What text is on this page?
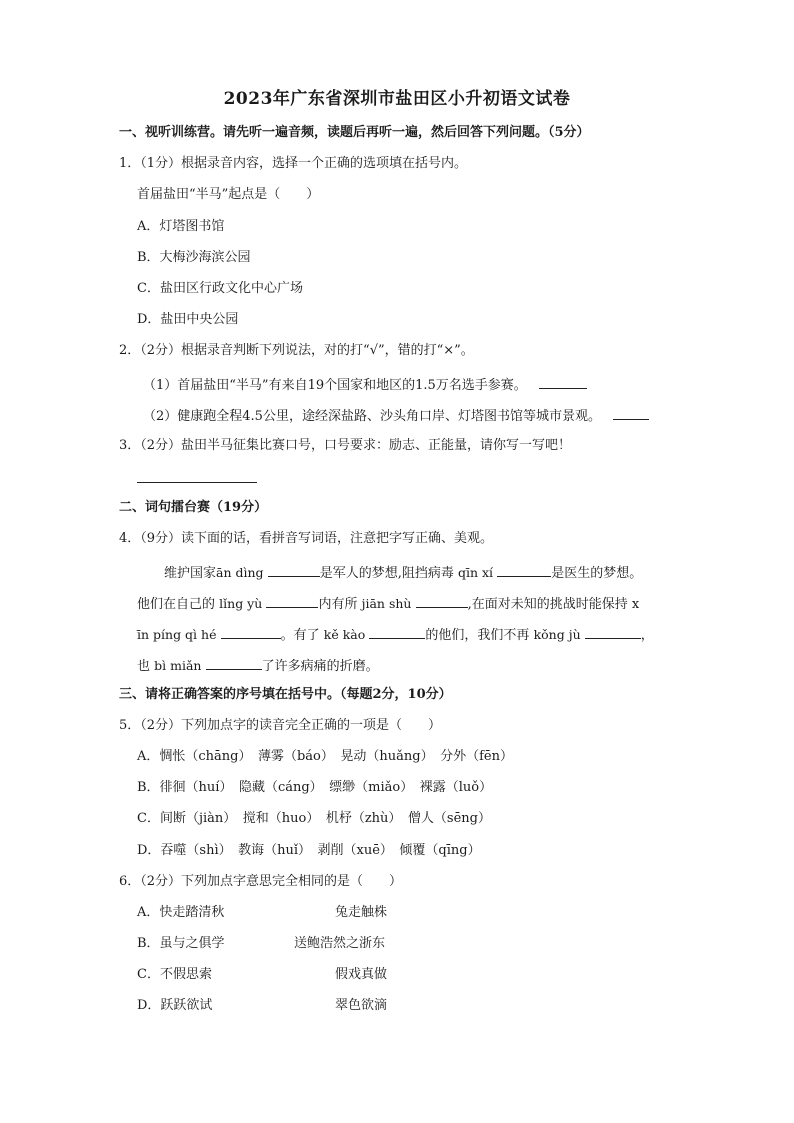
2023年广东省深圳市盐田区小升初语文试卷
一、视听训练营。请先听一遍音频，读题后再听一遍，然后回答下列问题。（5分）
1．（1分）根据录音内容，选择一个正确的选项填在括号内。
首届盐田“半马”起点是（　　）
A．灯塔图书馆
B．大梅沙海滨公园
C．盐田区行政文化中心广场
D．盐田中央公园
2．（2分）根据录音判断下列说法，对的打“√”，错的打“×”。
（1）首届盐田“半马”有来自19个国家和地区的1.5万名选手参赛。
（2）健康跑全程4.5公里，途经深盐路、沙头角口岸、灯塔图书馆等城市景观。
3．（2分）盐田半马征集比赛口号，口号要求：励志、正能量，请你写一写吧！
二、词句擂台赛（19分）
4．（9分）读下面的话，看拼音写词语，注意把字写正确、美观。
维护国家ān dìng	是军人的梦想,阻挡病毒 qīn xí	是医生的梦想。
他们在自己的 lǐng yù	内有所 jiān shù	,在面对未知的挑战时能保持 x
īn píng qì hé	。有了 kě kào	的他们，我们不再 kǒng jù	，
也 bì miǎn	了许多病痛的折磨。
三、请将正确答案的序号填在括号中。（每题2分，10分）
5．（2分）下列加点字的读音完全正确的一项是（　　）
A．惆怅（chāng）　薄雾（báo）　晃动（huǎng）　分外（fēn）
B．徘徊（huí）　隐藏（cáng）　缥缈（miǎo）　裸露（luǒ）
C．间断（jiàn）　搅和（huo）　机杼（zhù）　僧人（sēng）
D．吞噬（shì）　教诲（huǐ）　剥削（xuē）　倾覆（qīng）
6．（2分）下列加点字意思完全相同的是（　　）
A．快走踏清秋	兔走触株
B．虽与之俱学	送鲍浩然之浙东
C．不假思索	假戏真做
D．跃跃欲试	翠色欲滴
